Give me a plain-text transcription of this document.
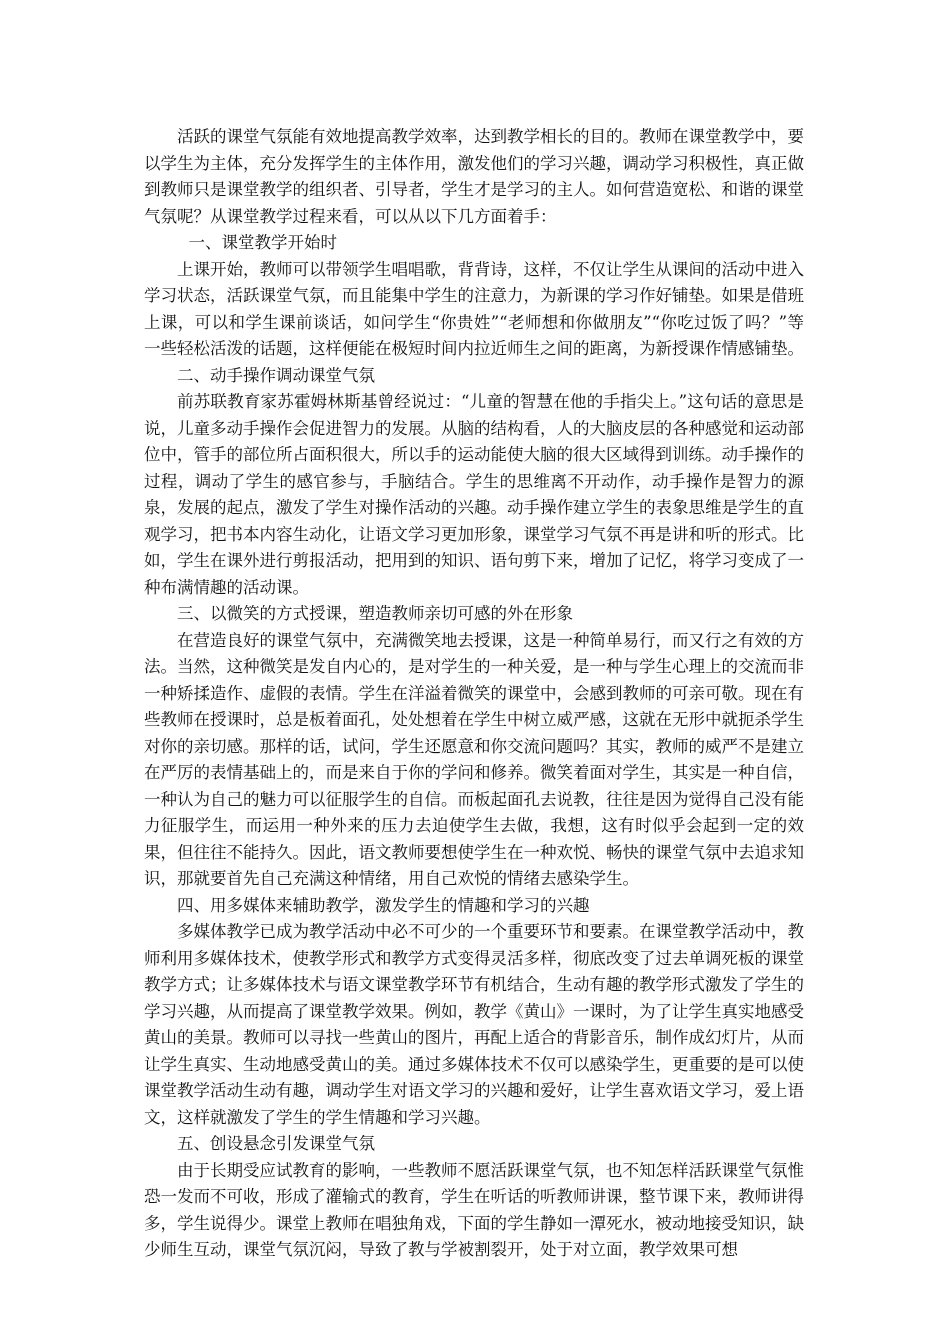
活跃的课堂气氛能有效地提高教学效率，达到教学相长的目的。教师在课堂教学中，要以学生为主体，充分发挥学生的主体作用，激发他们的学习兴趣，调动学习积极性，真正做到教师只是课堂教学的组织者、引导者，学生才是学习的主人。如何营造宽松、和谐的课堂气氛呢？从课堂教学过程来看，可以从以下几方面着手：

一、课堂教学开始时

上课开始，教师可以带领学生唱唱歌，背背诗，这样，不仅让学生从课间的活动中进入学习状态，活跃课堂气氛，而且能集中学生的注意力，为新课的学习作好铺垫。如果是借班上课，可以和学生课前谈话，如问学生“你贵姓”“老师想和你做朋友”“你吃过饭了吗？”等一些轻松活泼的话题，这样便能在极短时间内拉近师生之间的距离，为新授课作情感铺垫。

二、动手操作调动课堂气氛

前苏联教育家苏霍姆林斯基曾经说过：“儿童的智慧在他的手指尖上。”这句话的意思是说，儿童多动手操作会促进智力的发展。从脑的结构看，人的大脑皮层的各种感觉和运动部位中，管手的部位所占面积很大，所以手的运动能使大脑的很大区域得到训练。动手操作的过程，调动了学生的感官参与，手脑结合。学生的思维离不开动作，动手操作是智力的源泉，发展的起点，激发了学生对操作活动的兴趣。动手操作建立学生的表象思维是学生的直观学习，把书本内容生动化，让语文学习更加形象，课堂学习气氛不再是讲和听的形式。比如，学生在课外进行剪报活动，把用到的知识、语句剪下来，增加了记忆，将学习变成了一种布满情趣的活动课。

三、以微笑的方式授课，塑造教师亲切可感的外在形象

在营造良好的课堂气氛中，充满微笑地去授课，这是一种简单易行，而又行之有效的方法。当然，这种微笑是发自内心的，是对学生的一种关爱，是一种与学生心理上的交流而非一种矫揉造作、虚假的表情。学生在洋溢着微笑的课堂中，会感到教师的可亲可敬。现在有些教师在授课时，总是板着面孔，处处想着在学生中树立威严感，这就在无形中就扼杀学生对你的亲切感。那样的话，试问，学生还愿意和你交流问题吗？其实，教师的威严不是建立在严厉的表情基础上的，而是来自于你的学问和修养。微笑着面对学生，其实是一种自信，一种认为自己的魅力可以征服学生的自信。而板起面孔去说教，往往是因为觉得自己没有能力征服学生，而运用一种外来的压力去迫使学生去做，我想，这有时似乎会起到一定的效果，但往往不能持久。因此，语文教师要想使学生在一种欢悦、畅快的课堂气氛中去追求知识，那就要首先自己充满这种情绪，用自己欢悦的情绪去感染学生。

四、用多媒体来辅助教学，激发学生的情趣和学习的兴趣

多媒体教学已成为教学活动中必不可少的一个重要环节和要素。在课堂教学活动中，教师利用多媒体技术，使教学形式和教学方式变得灵活多样，彻底改变了过去单调死板的课堂教学方式；让多媒体技术与语文课堂教学环节有机结合，生动有趣的教学形式激发了学生的学习兴趣，从而提高了课堂教学效果。例如，教学《黄山》一课时，为了让学生真实地感受黄山的美景。教师可以寻找一些黄山的图片，再配上适合的背影音乐，制作成幻灯片，从而让学生真实、生动地感受黄山的美。通过多媒体技术不仅可以感染学生，更重要的是可以使课堂教学活动生动有趣，调动学生对语文学习的兴趣和爱好，让学生喜欢语文学习，爱上语文，这样就激发了学生的学生情趣和学习兴趣。

五、创设悬念引发课堂气氛

由于长期受应试教育的影响，一些教师不愿活跃课堂气氛，也不知怎样活跃课堂气氛惟恐一发而不可收，形成了灌输式的教育，学生在听话的听教师讲课，整节课下来，教师讲得多，学生说得少。课堂上教师在唱独角戏，下面的学生静如一潭死水，被动地接受知识，缺少师生互动，课堂气氛沉闷，导致了教与学被割裂开，处于对立面，教学效果可想
